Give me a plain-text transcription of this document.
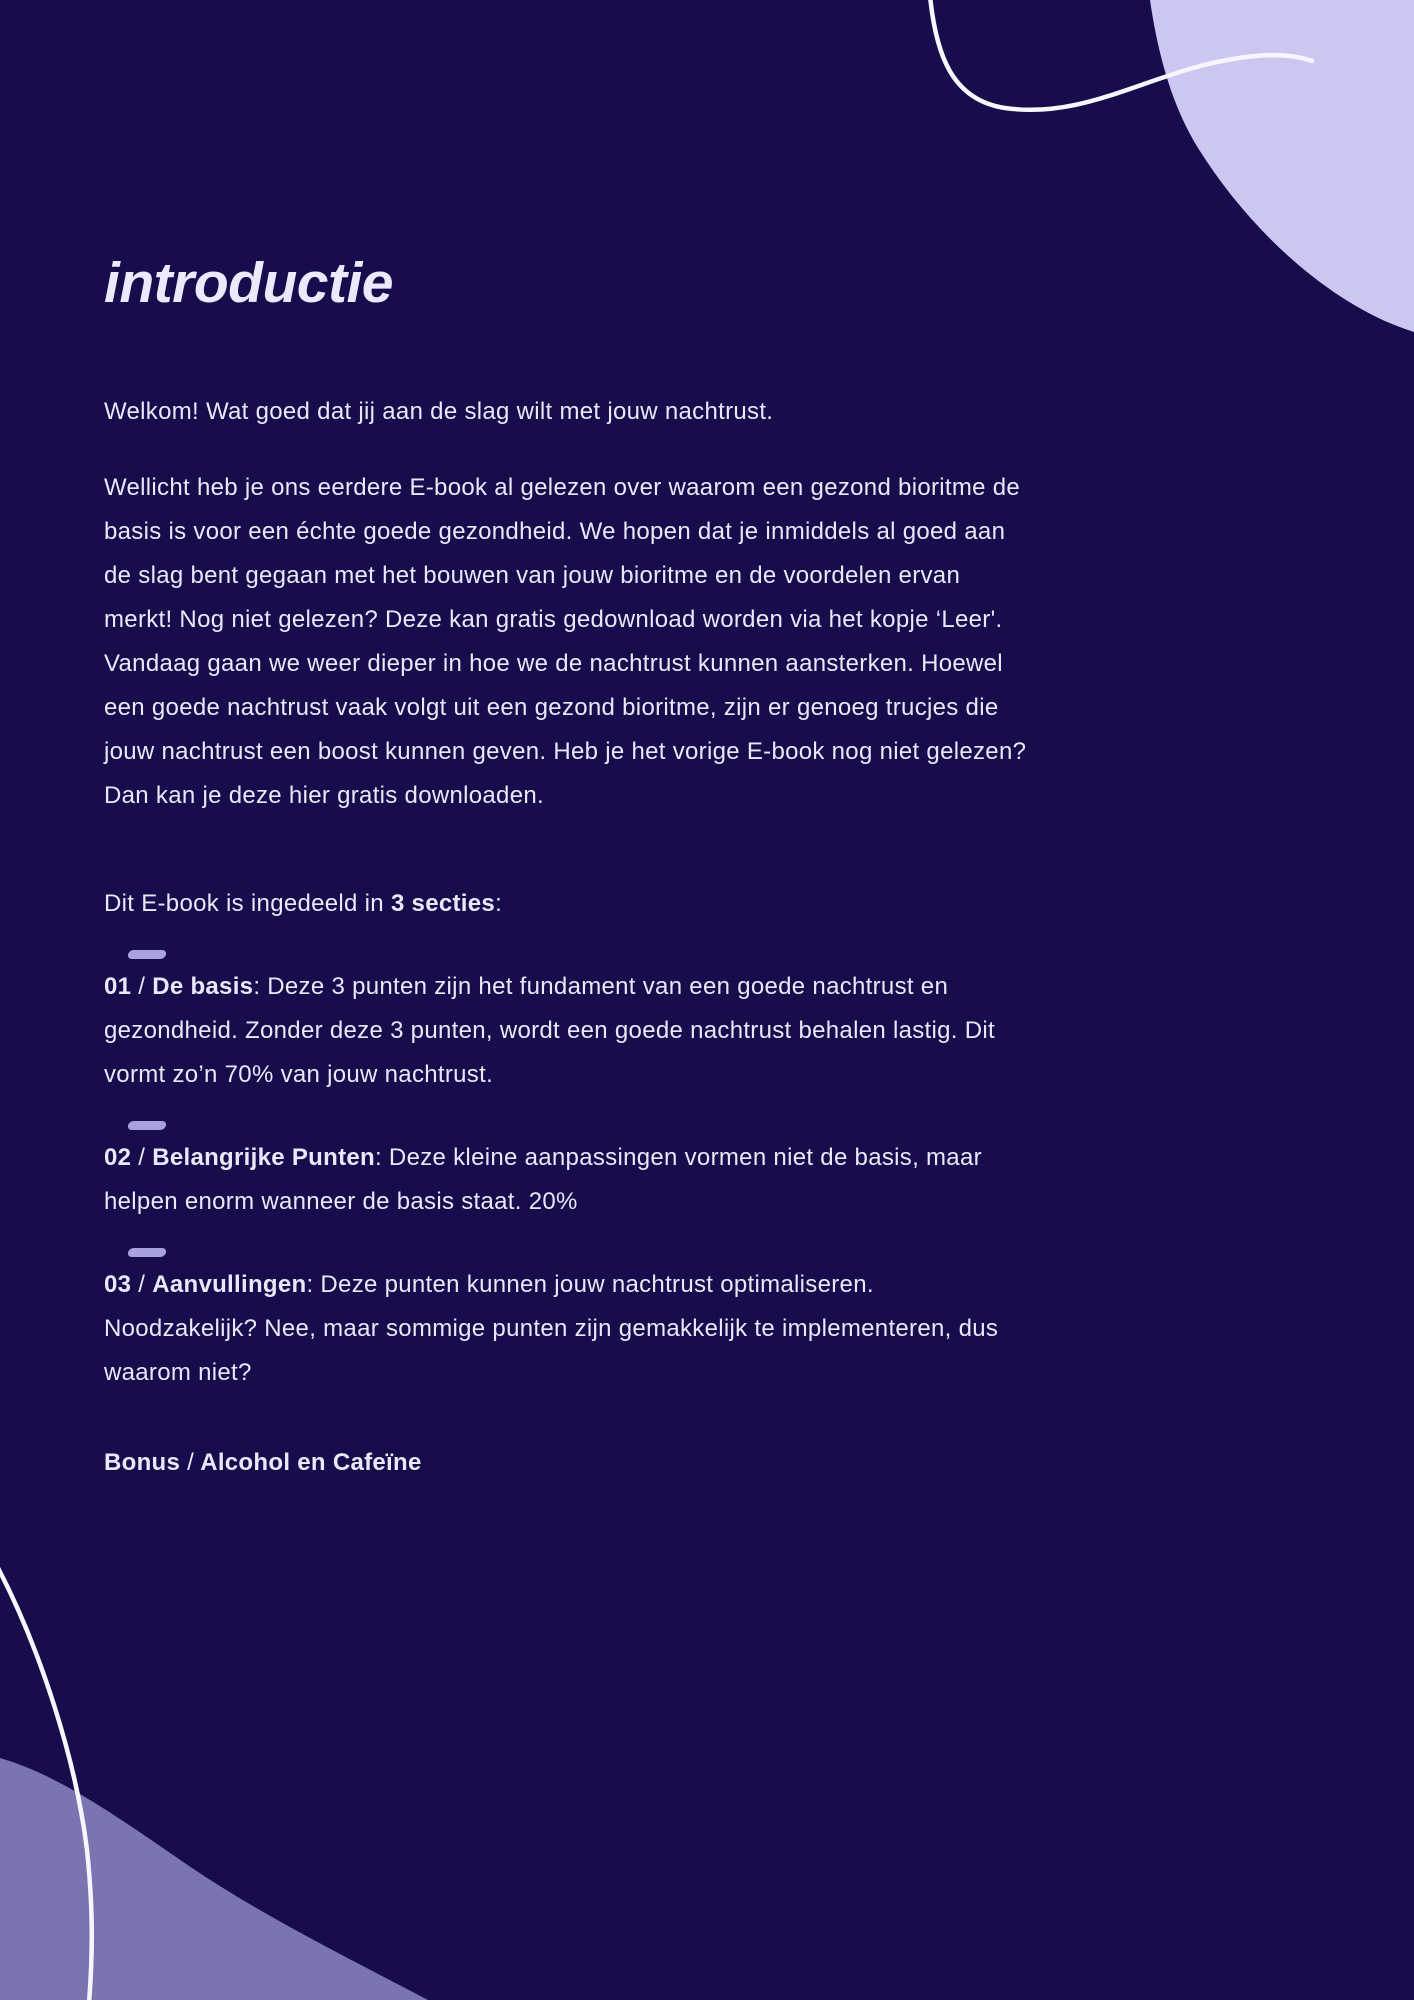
introductie

Welkom! Wat goed dat jij aan de slag wilt met jouw nachtrust.

Wellicht heb je ons eerdere E-book al gelezen over waarom een gezond bioritme de basis is voor een échte goede gezondheid. We hopen dat je inmiddels al goed aan de slag bent gegaan met het bouwen van jouw bioritme en de voordelen ervan merkt! Nog niet gelezen? Deze kan gratis gedownload worden via het kopje ‘Leer'. Vandaag gaan we weer dieper in hoe we de nachtrust kunnen aansterken. Hoewel een goede nachtrust vaak volgt uit een gezond bioritme, zijn er genoeg trucjes die jouw nachtrust een boost kunnen geven. Heb je het vorige E-book nog niet gelezen? Dan kan je deze hier gratis downloaden.

Dit E-book is ingedeeld in 3 secties:

01 / De basis: Deze 3 punten zijn het fundament van een goede nachtrust en gezondheid. Zonder deze 3 punten, wordt een goede nachtrust behalen lastig. Dit vormt zo’n 70% van jouw nachtrust.

02 / Belangrijke Punten: Deze kleine aanpassingen vormen niet de basis, maar helpen enorm wanneer de basis staat. 20%

03 / Aanvullingen: Deze punten kunnen jouw nachtrust optimaliseren. Noodzakelijk? Nee, maar sommige punten zijn gemakkelijk te implementeren, dus waarom niet?

Bonus / Alcohol en Cafeïne
